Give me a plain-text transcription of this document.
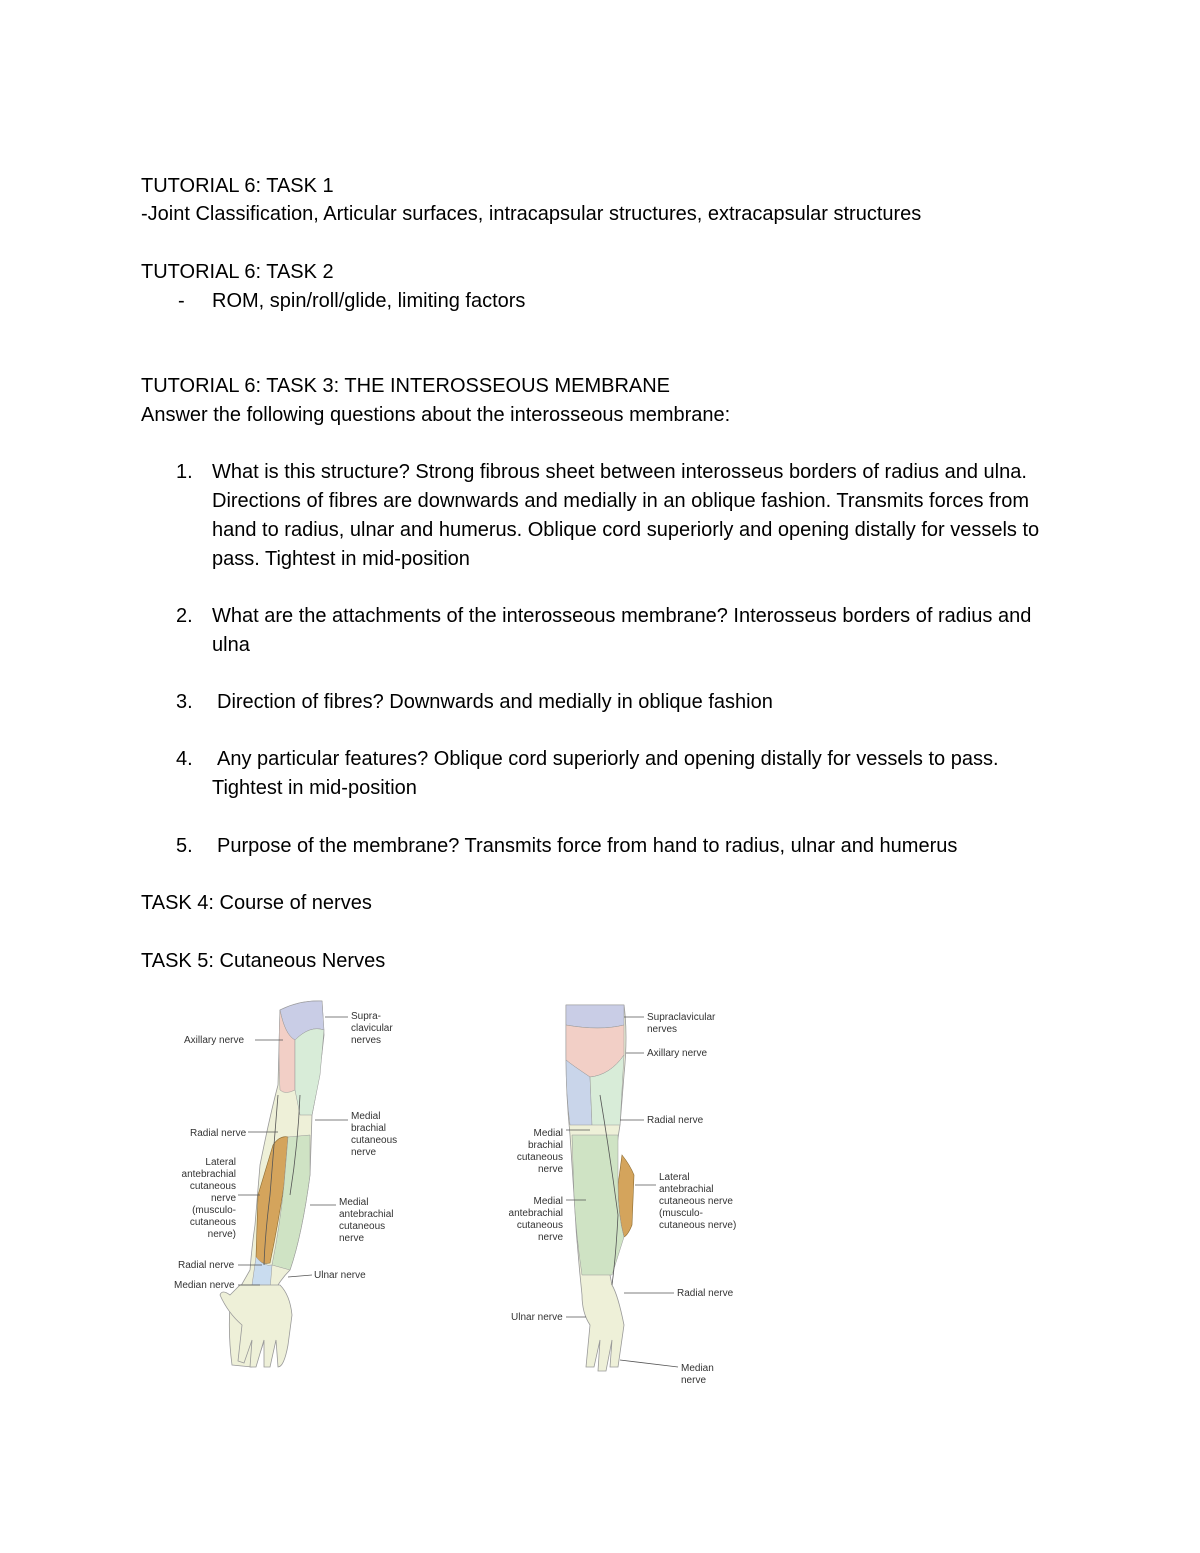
TUTORIAL 6: TASK 1
-Joint Classification, Articular surfaces, intracapsular structures, extracapsular structures
TUTORIAL 6: TASK 2
- ROM, spin/roll/glide, limiting factors
TUTORIAL 6: TASK 3: THE INTEROSSEOUS MEMBRANE
Answer the following questions about the interosseous membrane:
1. What is this structure? Strong fibrous sheet between interosseus borders of radius and ulna. Directions of fibres are downwards and medially in an oblique fashion. Transmits forces from hand to radius, ulnar and humerus. Oblique cord superiorly and opening distally for vessels to pass. Tightest in mid-position
2. What are the attachments of the interosseous membrane? Interosseus borders of radius and ulna
3. Direction of fibres? Downwards and medially in oblique fashion
4. Any particular features? Oblique cord superiorly and opening distally for vessels to pass. Tightest in mid-position
5. Purpose of the membrane? Transmits force from hand to radius, ulnar and humerus
TASK 4: Course of nerves
TASK 5: Cutaneous Nerves
Axillary nerve
Supra-
clavicular
nerves
Radial nerve
Medial
brachial
cutaneous
nerve
Lateral
antebrachial
cutaneous
nerve
(musculo-
cutaneous
nerve)
Medial
antebrachial
cutaneous
nerve
Radial nerve
Median nerve
Ulnar nerve
Supraclavicular
nerves
Axillary nerve
Radial nerve
Medial
brachial
cutaneous
nerve
Lateral
antebrachial
cutaneous nerve
(musculo-
cutaneous nerve)
Medial
antebrachial
cutaneous
nerve
Radial nerve
Ulnar nerve
Median
nerve
